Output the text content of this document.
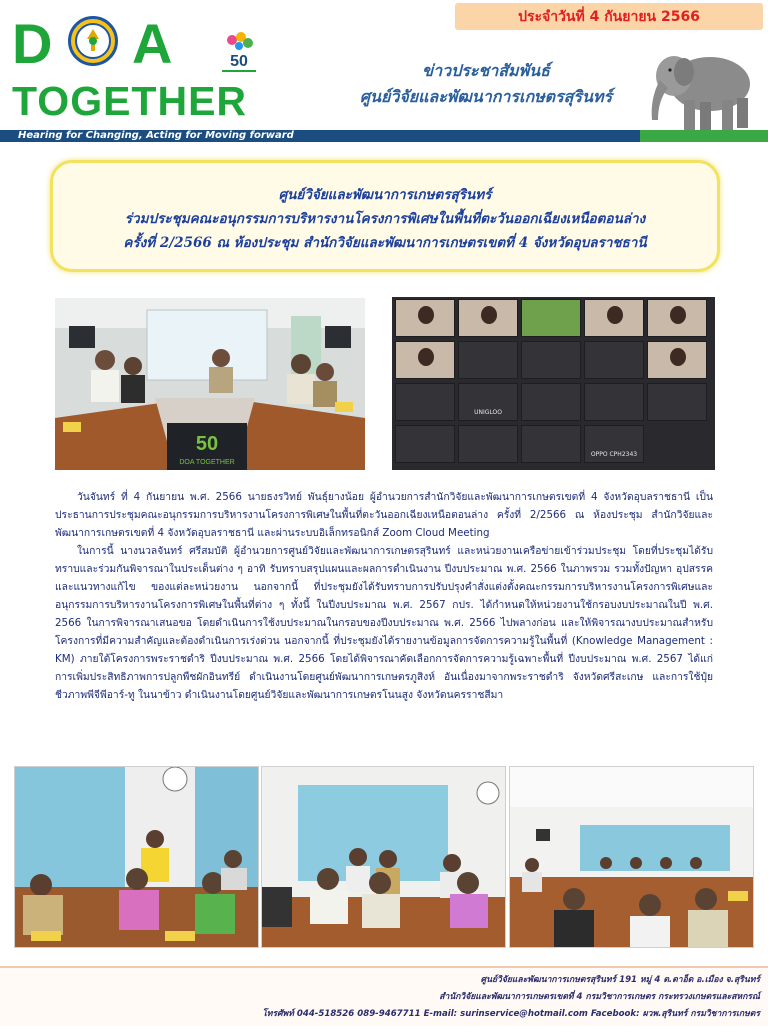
ประจำวันที่ 4 กันยายน 2566
D A
TOGETHER
50	ข่าวประชาสัมพันธ์
ศูนย์วิจัยและพัฒนาการเกษตรสุรินทร์
Hearing for Changing, Acting for Moving forward
ศูนย์วิจัยและพัฒนาการเกษตรสุรินทร์
ร่วมประชุมคณะอนุกรรมการบริหารงานโครงการพิเศษในพื้นที่ตะวันออกเฉียงเหนือตอนล่าง
ครั้งที่ 2/2566 ณ ห้องประชุม สำนักวิจัยและพัฒนาการเกษตรเขตที่ 4 จังหวัดอุบลราชธานี
50
DOA TOGETHER
UNIGLOO
OPPO CPH2343

วันจันทร์ ที่ 4 กันยายน พ.ศ. 2566 นายธงรวิทย์ พันธุ์ยางน้อย ผู้อำนวยการสำนักวิจัยและพัฒนาการเกษตรเขตที่ 4 จังหวัดอุบลราชธานี เป็นประธานการประชุมคณะอนุกรรมการบริหารงานโครงการพิเศษในพื้นที่ตะวันออกเฉียงเหนือตอนล่าง ครั้งที่ 2/2566 ณ ห้องประชุม สำนักวิจัยและพัฒนาการเกษตรเขตที่ 4 จังหวัดอุบลราชธานี และผ่านระบบอิเล็กทรอนิกส์ Zoom Cloud Meeting

ในการนี้ นางนวลจันทร์ ศรีสมบัติ ผู้อำนวยการศูนย์วิจัยและพัฒนาการเกษตรสุรินทร์ และหน่วยงานเครือข่ายเข้าร่วมประชุม โดยที่ประชุมได้รับทราบและร่วมกันพิจารณาในประเด็นต่าง ๆ อาทิ รับทราบสรุปแผนและผลการดำเนินงาน ปีงบประมาณ พ.ศ. 2566 ในภาพรวม รวมทั้งปัญหา อุปสรรค และแนวทางแก้ไข ของแต่ละหน่วยงาน นอกจากนี้ ที่ประชุมยังได้รับทราบการปรับปรุงคำสั่งแต่งตั้งคณะกรรมการบริหารงานโครงการพิเศษและอนุกรรมการบริหารงานโครงการพิเศษในพื้นที่ต่าง ๆ ทั้งนี้ ในปีงบประมาณ พ.ศ. 2567 กปร. ได้กำหนดให้หน่วยงานใช้กรอบงบประมาณในปี พ.ศ. 2566 ในการพิจารณาเสนอขอ โดยดำเนินการใช้งบประมาณในกรอบของปีงบประมาณ พ.ศ. 2566 ไปพลางก่อน และให้พิจารณางบประมาณสำหรับโครงการที่มีความสำคัญและต้องดำเนินการเร่งด่วน นอกจากนี้ ที่ประชุมยังได้รายงานข้อมูลการจัดการความรู้ในพื้นที่ (Knowledge Management : KM) ภายใต้โครงการพระราชดำริ ปีงบประมาณ พ.ศ. 2566 โดยได้พิจารณาคัดเลือกการจัดการความรู้เฉพาะพื้นที่ ปีงบประมาณ พ.ศ. 2567 ได้แก่ การเพิ่มประสิทธิภาพการปลูกพืชผักอินทรีย์ ดำเนินงานโดยศูนย์พัฒนาการเกษตรภูสิงห์ อันเนื่องมาจากพระราชดำริ จังหวัดศรีสะเกษ และการใช้ปุ๋ยชีวภาพพีจีพีอาร์-ทู ในนาข้าว ดำเนินงานโดยศูนย์วิจัยและพัฒนาการเกษตรโนนสูง จังหวัดนครราชสีมา

ศูนย์วิจัยและพัฒนาการเกษตรสุรินทร์ 191 หมู่ 4 ต.ตาอ็ด อ.เมือง จ.สุรินทร์
สำนักวิจัยและพัฒนาการเกษตรเขตที่ 4 กรมวิชาการเกษตร กระทรวงเกษตรและสหกรณ์
โทรศัพท์ 044-518526 089-9467711 E-mail: surinservice@hotmail.com Facebook: ผวพ.สุรินทร์ กรมวิชาการเกษตร
